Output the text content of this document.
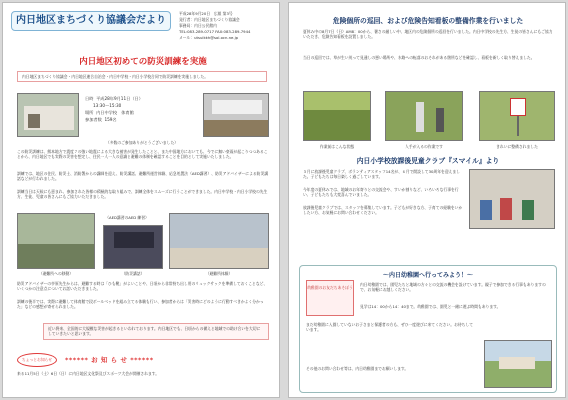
内日地区まちづくり協議会だより
平成28年9月20日　広報 第3号
発行者：内日地区まちづくり協議会
事務局：内日公民館内
TEL:083-289-0717 FAX:083-289-7944
メール：utsuikkh@sol.ocn.ne.jp
内日地区初めての防災訓練を実施
内日地区まちづくり協議会・内日地区連合自治会・内日中学校・内日小学校合同で防災訓練を実施しました。
日時 平成28年9月11日（日）
13:30〜15:30
場所 内日中学校　体育館
参加者数 159名
（多数のご参加ありがとうございました）
この防災訓練は、熊本地方で震度７の強い地震による大きな被害が発生したことと、また中国地方においても、今でに無い豪雨が起こりつつあることから、内日地区でも実際の災害を想定し、住民一人一人の意識と避難の体制を確認することを目的として実施いたしました。
訓練では、地区の住民、防災士、消防署からの講師を迎え、防災講話、避難所運営体験、応急処置法（AED講習）、防災アドバイザーによる防災講話などが行われました。
訓練当日は天候にも恵まれ、参加された皆様の積極的な取り組みで、訓練全体をスムーズに行うことができました。内日中学校・内日小学校の先生方、生徒、児童の皆さんにもご協力いただきました。
（AED講習のAED 練習）
（避難所への移動）	（防災講話）	（避難所体験）
防災アドバイザーの亭原先生からは、避難する時は「ひも靴」がよいことや、日頃から非常持ち出し用のリュックサックを準備しておくことなど、いくつかの注意点についてお話いただきました。
訓練の後半では、実際に避難して体育館で段ボールベッドを組み立てる体験も行い、参加者からは「災害時にどのように行動すべきかよく分かった」などの感想が寄せられました。
近い将来、全国的に大規模な災害が起きるといわれております。内日地区でも、日頃からの備えと地域での助け合いを大切にしていきたいと思います。
ちょっとお知らせ	****** お 知 ら せ ******
来る11月5日（土）6日（日）に内日地区文化祭及びスポーツ大会が開催されます。
危険個所の巡回、および危険告知看板の整備作業を行いました
夏休み中の8月7日（日）AM8：00から、暑さの厳しい中、地区内の危険個所の巡回を行いました。内日中学校の先生方、生徒の皆さんにもご協力いただき、危険告知看板を設置しました。
当日の巡回では、草が生い茂って見通しの悪い場所や、水路への転落のおそれがある箇所などを確認し、看板を新しく取り替えました。
作業前はこんな状態	人手が入るの作業です	きれいに整備されました
内日小学校放課後児童クラブ『スマイル』より
５月に放課後児童クラブ、ボランティアスタッフ14名が、６月で開設して30周年を迎えました。子どもたちは毎日楽しく過ごしています。
今年度の夏休みでは、地域のお年寄りとの交流会や、すいか割りなど、いろいろな行事を行い、子どもたちも大変喜んでいました。
放課後児童クラブでは、スタッフを募集しています。子どもが好きな方、子育ての経験をいかしたい方、お気軽にお問い合わせください。
〜内日幼稚園へ行ってみよう！〜
幼稚園のお友だちあそぼう
内日幼稚園では、園児たちと地域の方々との交流の機会を設けています。親子で参加できる行事もありますので、お気軽にお越しください。
見学は14：00から14：40まで。幼稚園では、園児と一緒に遊ぶ時間もあります。
まだ幼稚園に入園していないお子さまと保護者の方も、ぜひ一度遊びに来てください。お待ちしています。
その他のお問い合わせ等は、内日幼稚園までお願いします。
